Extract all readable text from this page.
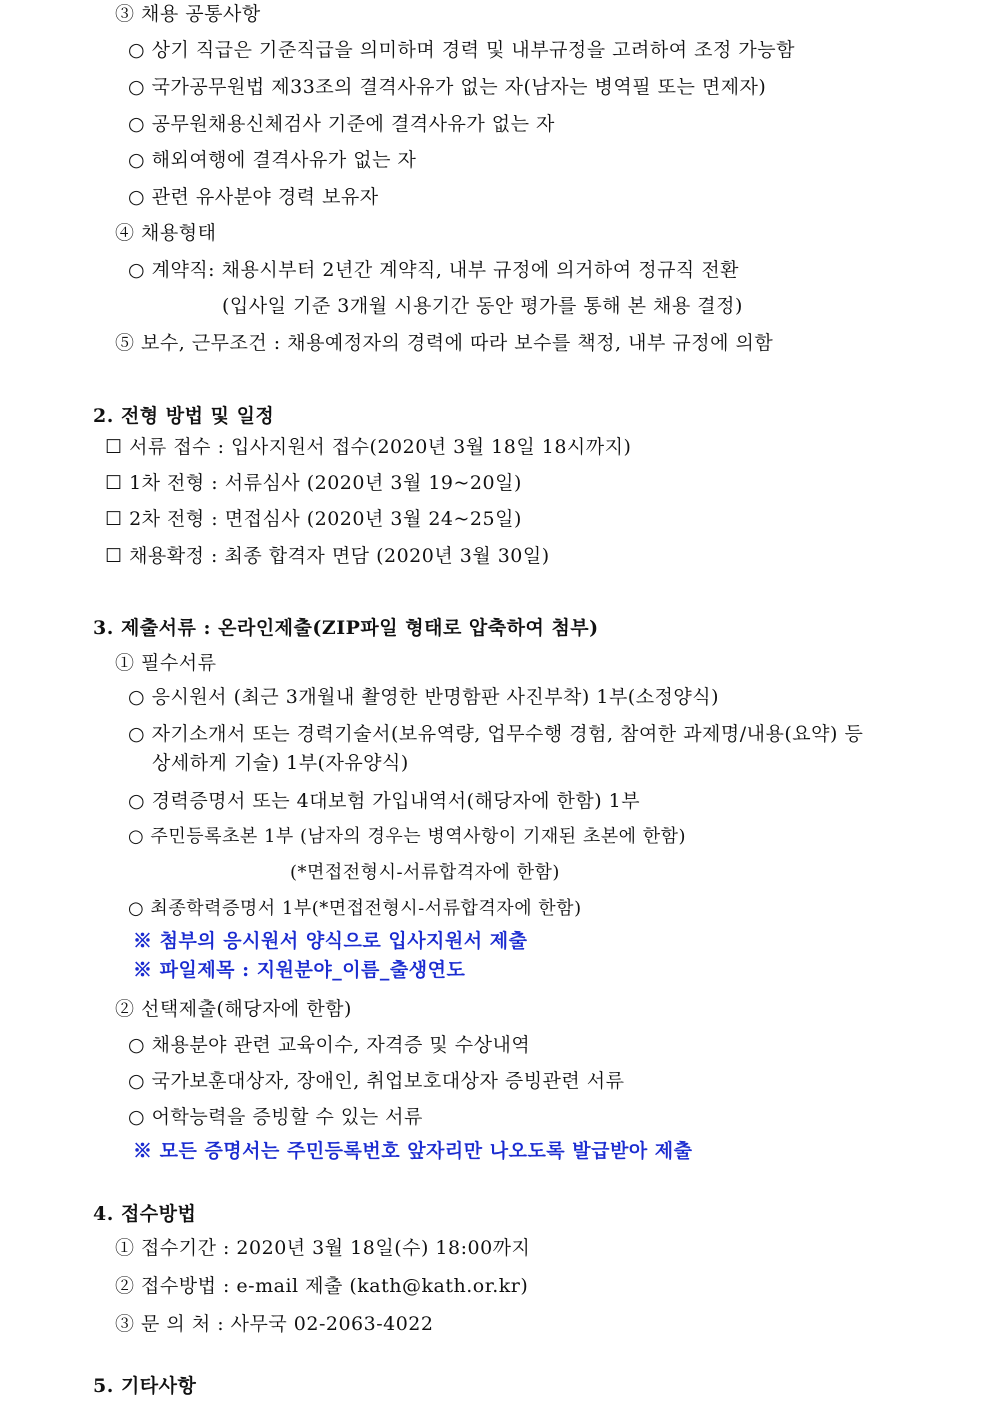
③ 채용 공통사항
○ 상기 직급은 기준직급을 의미하며 경력 및 내부규정을 고려하여 조정 가능함
○ 국가공무원법 제33조의 결격사유가 없는 자(남자는 병역필 또는 면제자)
○ 공무원채용신체검사 기준에 결격사유가 없는 자
○ 해외여행에 결격사유가 없는 자
○ 관련 유사분야 경력 보유자
④ 채용형태
○ 계약직: 채용시부터 2년간 계약직, 내부 규정에 의거하여 정규직 전환
(입사일 기준 3개월 시용기간 동안 평가를 통해 본 채용 결정)
⑤ 보수, 근무조건 : 채용예정자의 경력에 따라 보수를 책정, 내부 규정에 의함
2. 전형 방법 및 일정
☐ 서류 접수 : 입사지원서 접수(2020년 3월 18일 18시까지)
☐ 1차 전형 : 서류심사 (2020년 3월 19~20일)
☐ 2차 전형 : 면접심사 (2020년 3월 24~25일)
☐ 채용확정 : 최종 합격자 면담 (2020년 3월 30일)
3. 제출서류 : 온라인제출(ZIP파일 형태로 압축하여 첨부)
① 필수서류
○ 응시원서 (최근 3개월내 촬영한 반명함판 사진부착) 1부(소정양식)
○ 자기소개서 또는 경력기술서(보유역량, 업무수행 경험, 참여한 과제명/내용(요약) 등
상세하게 기술) 1부(자유양식)
○ 경력증명서 또는 4대보험 가입내역서(해당자에 한함) 1부
○ 주민등록초본 1부 (남자의 경우는 병역사항이 기재된 초본에 한함)
(*면접전형시-서류합격자에 한함)
○ 최종학력증명서 1부(*면접전형시-서류합격자에 한함)
※ 첨부의 응시원서 양식으로 입사지원서 제출
※ 파일제목 : 지원분야_이름_출생연도
② 선택제출(해당자에 한함)
○ 채용분야 관련 교육이수, 자격증 및 수상내역
○ 국가보훈대상자, 장애인, 취업보호대상자 증빙관련 서류
○ 어학능력을 증빙할 수 있는 서류
※ 모든 증명서는 주민등록번호 앞자리만 나오도록 발급받아 제출
4. 접수방법
① 접수기간 : 2020년 3월 18일(수) 18:00까지
② 접수방법 : e-mail 제출 (kath@kath.or.kr)
③ 문 의 처 : 사무국 02-2063-4022
5. 기타사항
